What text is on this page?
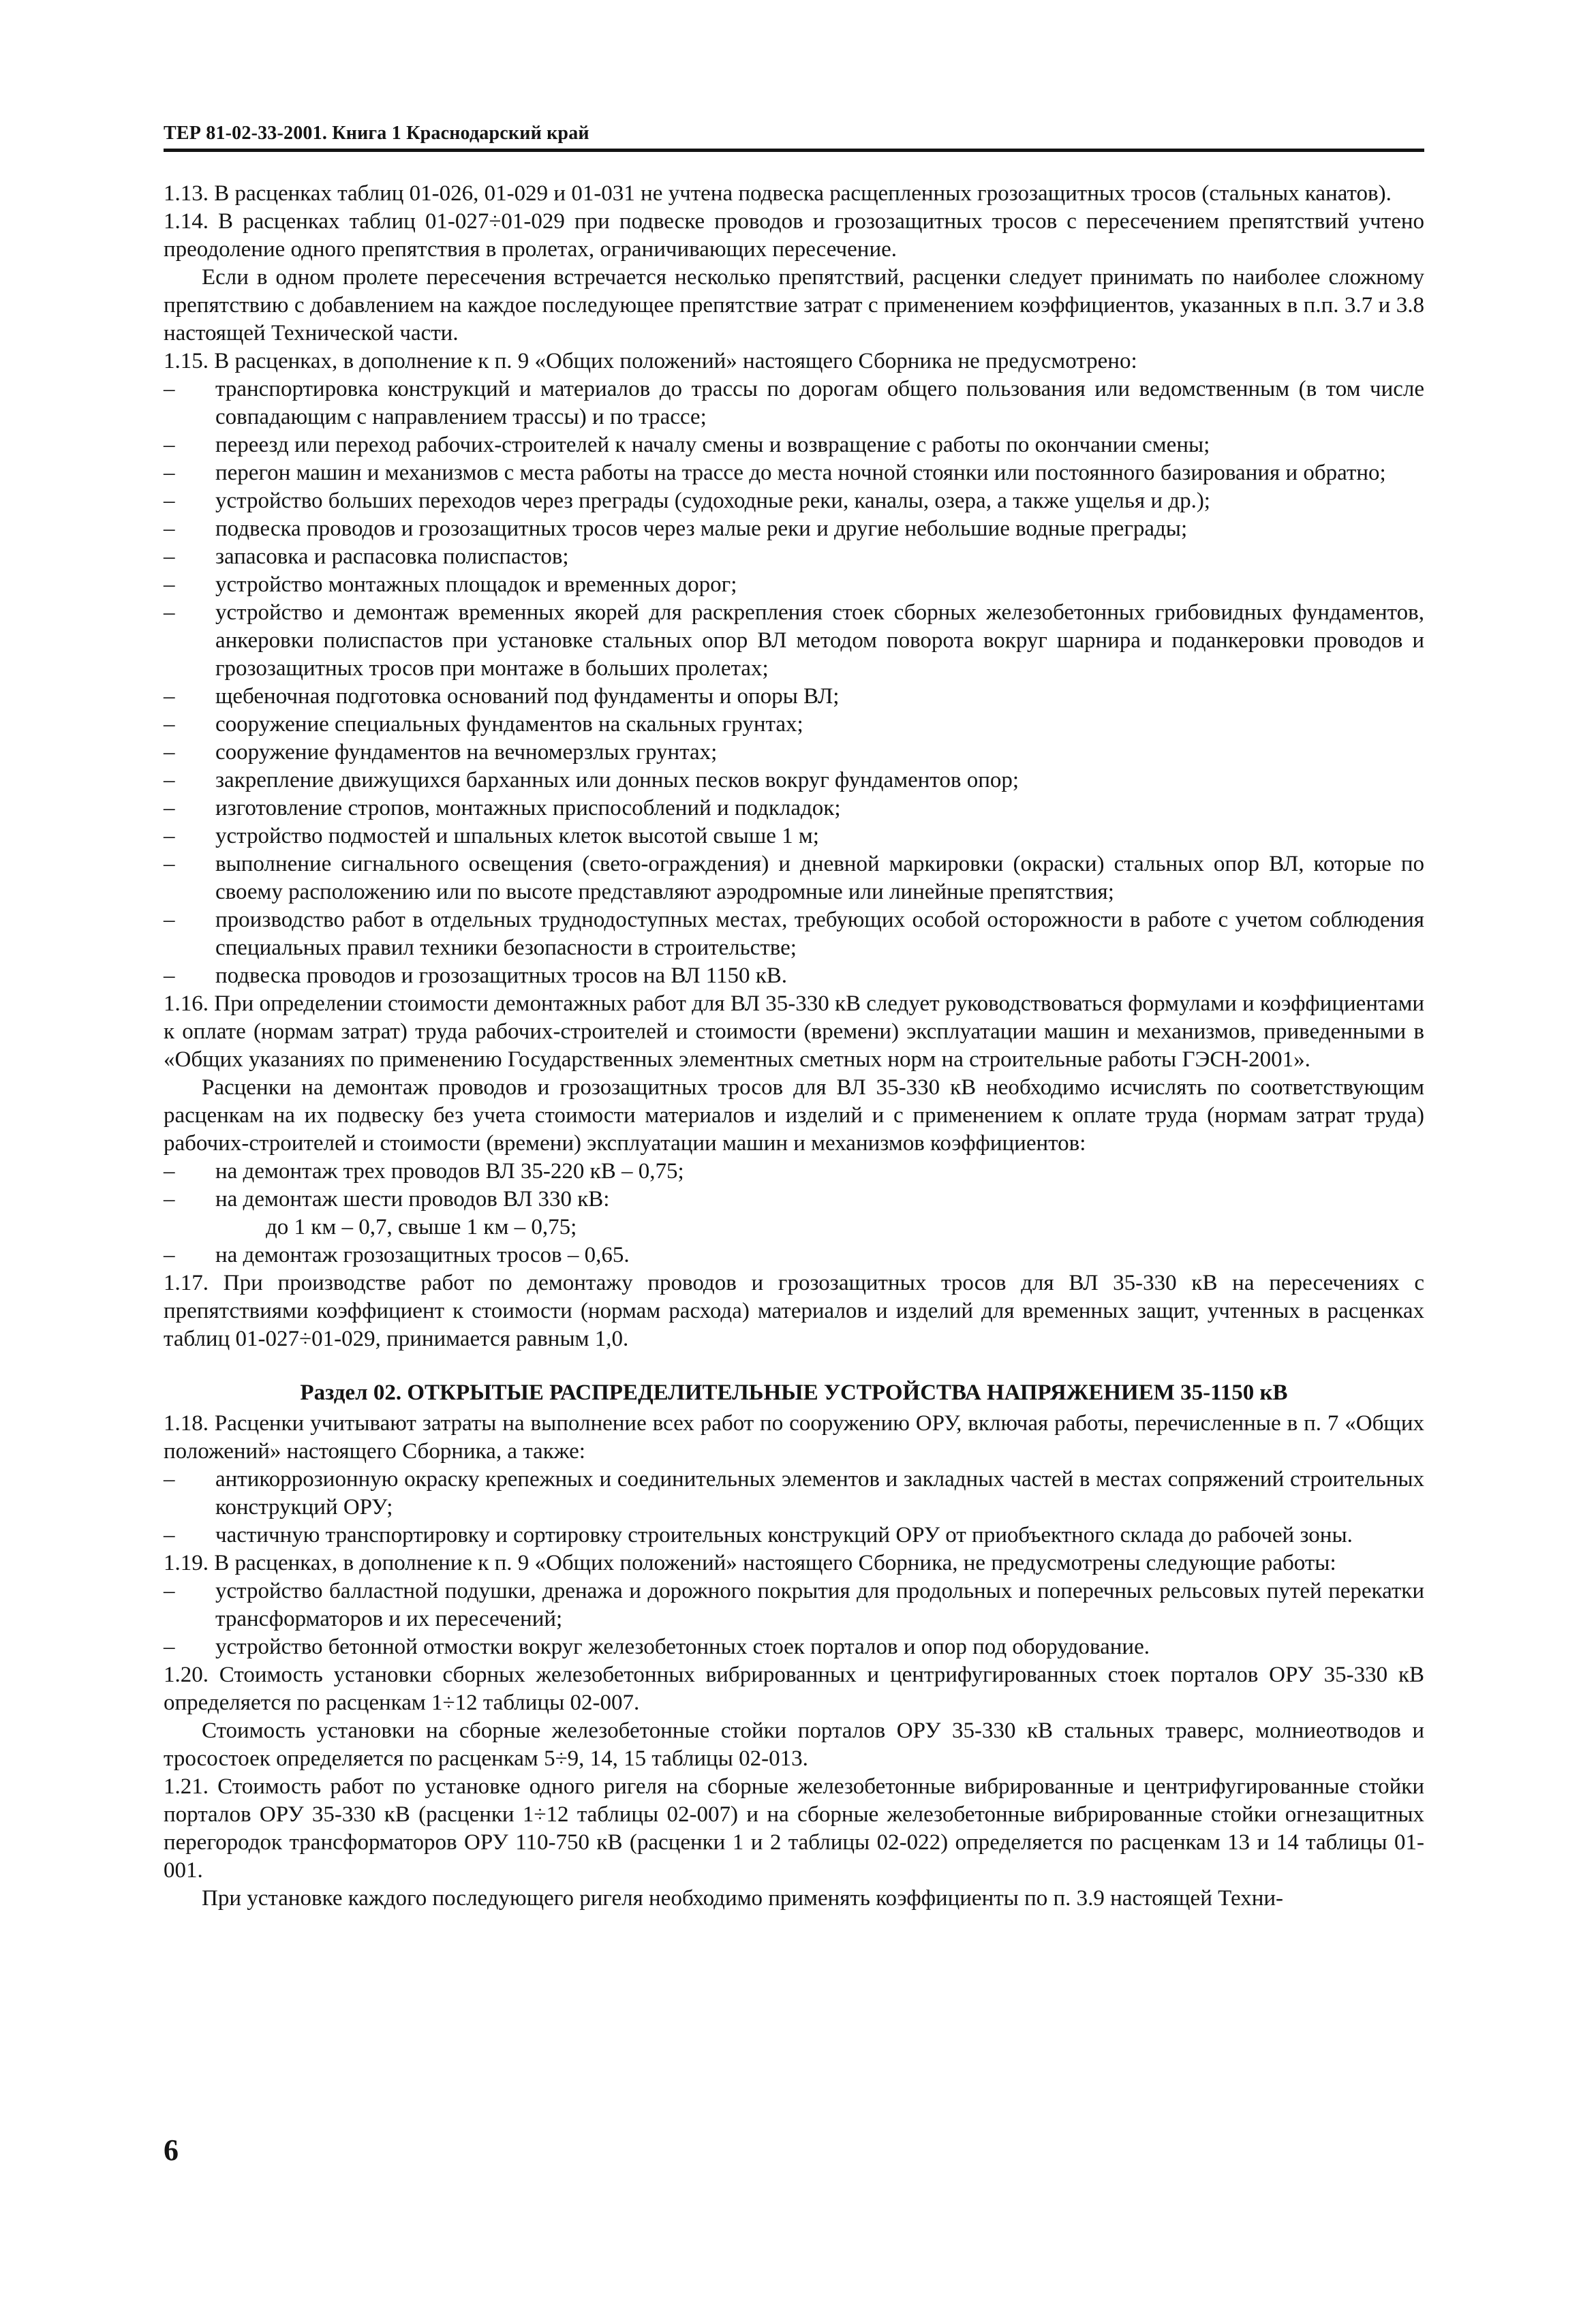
ТЕР 81-02-33-2001. Книга 1 Краснодарский край

1.13. В расценках таблиц 01-026, 01-029 и 01-031 не учтена подвеска расщепленных грозозащитных тросов (стальных канатов).

1.14. В расценках таблиц 01-027÷01-029 при подвеске проводов и грозозащитных тросов с пересечением препятствий учтено преодоление одного препятствия в пролетах, ограничивающих пересечение.

Если в одном пролете пересечения встречается несколько препятствий, расценки следует принимать по наиболее сложному препятствию с добавлением на каждое последующее препятствие затрат с применением коэффициентов, указанных в п.п. 3.7 и 3.8 настоящей Технической части.

1.15. В расценках, в дополнение к п. 9 «Общих положений» настоящего Сборника не предусмотрено:

– транспортировка конструкций и материалов до трассы по дорогам общего пользования или ведомственным (в том числе совпадающим с направлением трассы) и по трассе;

– переезд или переход рабочих-строителей к началу смены и возвращение с работы по окончании смены;

– перегон машин и механизмов с места работы на трассе до места ночной стоянки или постоянного базирования и обратно;

– устройство больших переходов через преграды (судоходные реки, каналы, озера, а также ущелья и др.);

– подвеска проводов и грозозащитных тросов через малые реки и другие небольшие водные преграды;

– запасовка и распасовка полиспастов;

– устройство монтажных площадок и временных дорог;

– устройство и демонтаж временных якорей для раскрепления стоек сборных железобетонных грибовидных фундаментов, анкеровки полиспастов при установке стальных опор ВЛ методом поворота вокруг шарнира и поданкеровки проводов и грозозащитных тросов при монтаже в больших пролетах;

– щебеночная подготовка оснований под фундаменты и опоры ВЛ;

– сооружение специальных фундаментов на скальных грунтах;

– сооружение фундаментов на вечномерзлых грунтах;

– закрепление движущихся барханных или донных песков вокруг фундаментов опор;

– изготовление стропов, монтажных приспособлений и подкладок;

– устройство подмостей и шпальных клеток высотой свыше 1 м;

– выполнение сигнального освещения (свето-ограждения) и дневной маркировки (окраски) стальных опор ВЛ, которые по своему расположению или по высоте представляют аэродромные или линейные препятствия;

– производство работ в отдельных труднодоступных местах, требующих особой осторожности в работе с учетом соблюдения специальных правил техники безопасности в строительстве;

– подвеска проводов и грозозащитных тросов на ВЛ 1150 кВ.

1.16. При определении стоимости демонтажных работ для ВЛ 35-330 кВ следует руководствоваться формулами и коэффициентами к оплате (нормам затрат) труда рабочих-строителей и стоимости (времени) эксплуатации машин и механизмов, приведенными в «Общих указаниях по применению Государственных элементных сметных норм на строительные работы ГЭСН-2001».

Расценки на демонтаж проводов и грозозащитных тросов для ВЛ 35-330 кВ необходимо исчислять по соответствующим расценкам на их подвеску без учета стоимости материалов и изделий и с применением к оплате труда (нормам затрат труда) рабочих-строителей и стоимости (времени) эксплуатации машин и механизмов коэффициентов:

– на демонтаж трех проводов ВЛ 35-220 кВ – 0,75;

– на демонтаж шести проводов ВЛ 330 кВ:

до 1 км – 0,7, свыше 1 км – 0,75;

– на демонтаж грозозащитных тросов – 0,65.

1.17. При производстве работ по демонтажу проводов и грозозащитных тросов для ВЛ 35-330 кВ на пересечениях с препятствиями коэффициент к стоимости (нормам расхода) материалов и изделий для временных защит, учтенных в расценках таблиц 01-027÷01-029, принимается равным 1,0.

Раздел 02. ОТКРЫТЫЕ РАСПРЕДЕЛИТЕЛЬНЫЕ УСТРОЙСТВА НАПРЯЖЕНИЕМ 35-1150 кВ

1.18. Расценки учитывают затраты на выполнение всех работ по сооружению ОРУ, включая работы, перечисленные в п. 7 «Общих положений» настоящего Сборника, а также:

– антикоррозионную окраску крепежных и соединительных элементов и закладных частей в местах сопряжений строительных конструкций ОРУ;

– частичную транспортировку и сортировку строительных конструкций ОРУ от приобъектного склада до рабочей зоны.

1.19. В расценках, в дополнение к п. 9 «Общих положений» настоящего Сборника, не предусмотрены следующие работы:

– устройство балластной подушки, дренажа и дорожного покрытия для продольных и поперечных рельсовых путей перекатки трансформаторов и их пересечений;

– устройство бетонной отмостки вокруг железобетонных стоек порталов и опор под оборудование.

1.20. Стоимость установки сборных железобетонных вибрированных и центрифугированных стоек порталов ОРУ 35-330 кВ определяется по расценкам 1÷12 таблицы 02-007.

Стоимость установки на сборные железобетонные стойки порталов ОРУ 35-330 кВ стальных траверс, молниеотводов и тросостоек определяется по расценкам 5÷9, 14, 15 таблицы 02-013.

1.21. Стоимость работ по установке одного ригеля на сборные железобетонные вибрированные и центрифугированные стойки порталов ОРУ 35-330 кВ (расценки 1÷12 таблицы 02-007) и на сборные железобетонные вибрированные стойки огнезащитных перегородок трансформаторов ОРУ 110-750 кВ (расценки 1 и 2 таблицы 02-022) определяется по расценкам 13 и 14 таблицы 01-001.

При установке каждого последующего ригеля необходимо применять коэффициенты по п. 3.9 настоящей Техни-

6
